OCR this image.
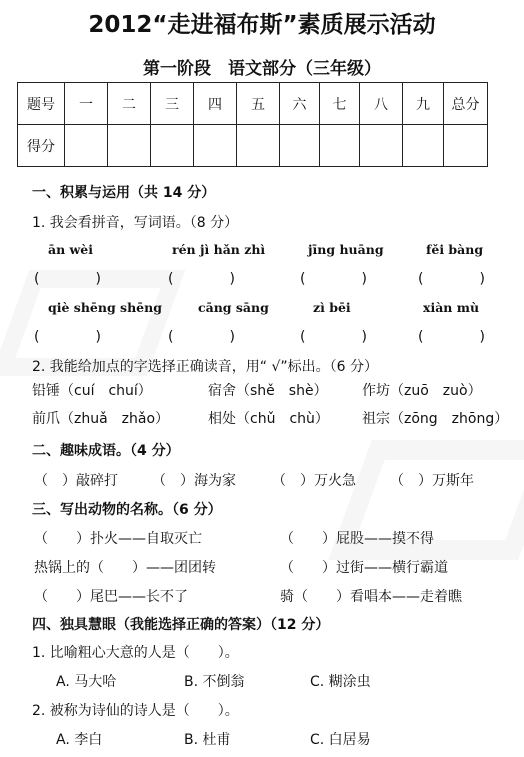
2012“走进福布斯”素质展示活动
第一阶段　语文部分（三年级）
题号	一	二	三	四	五	六	七	八	九	总分
得分										
一、积累与运用（共 14 分）
1. 我会看拼音，写词语。（8 分）
ān wèi	rén jì hǎn zhì	jīng huāng	fěi bàng
(　　　　)	(　　　　)	(　　　　)	(　　　　)
qiè shēng shēng	cāng sāng	zì bēi	xiàn mù
(　　　　)	(　　　　)	(　　　　)	(　　　　)
2. 我能给加点的字选择正确读音，用“ √”标出。（6 分）
铅锤（cuí　chuí）	宿舍（shě　shè） 作坊（zuō　zuò）
前爪（zhuǎ　zhǎo）	相处（chǔ　chù） 祖宗（zōng　zhōng）
二、趣味成语。（4 分）
（　）敲碎打 （　）海为家	（　）万火急 （　）万斯年
三、写出动物的名称。（6 分）
（　　）扑火——自取灭亡	（　　）屁股——摸不得
热锅上的（　　）——团团转	（　　）过街——横行霸道
（　　）尾巴——长不了	骑（　　）看唱本——走着瞧
四、独具慧眼（我能选择正确的答案）（12 分）
1. 比喻粗心大意的人是（　　）。
A. 马大哈	B. 不倒翁	C. 糊涂虫
2. 被称为诗仙的诗人是（　　）。
A. 李白	B. 杜甫	C. 白居易
